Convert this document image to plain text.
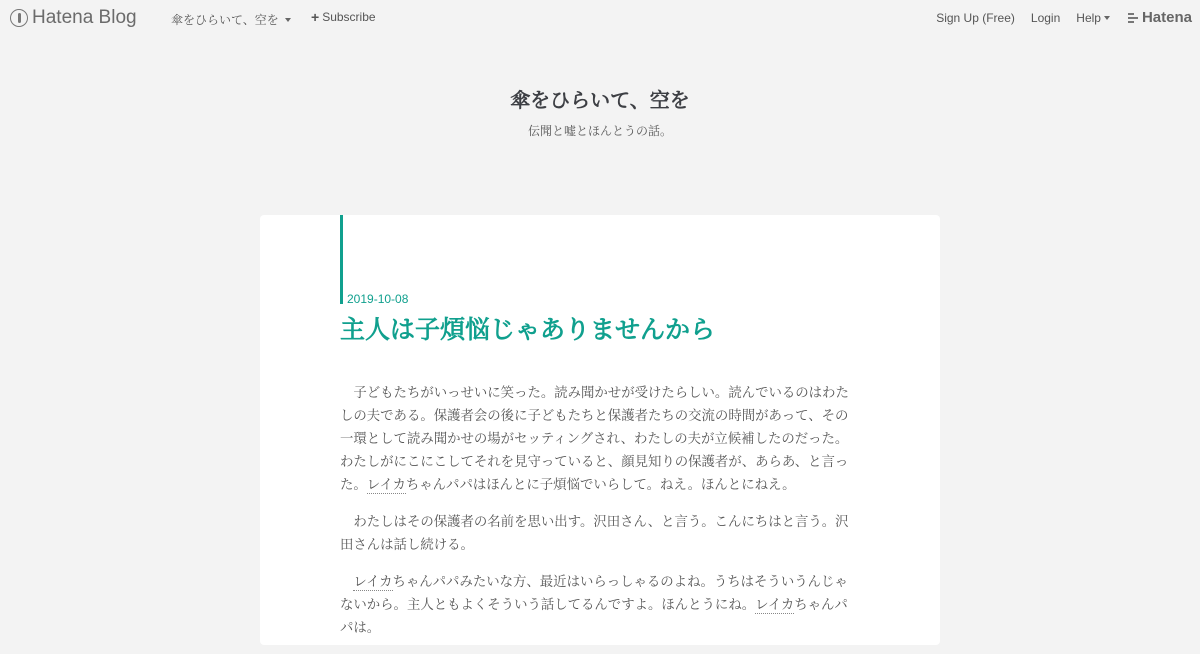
Hatena Blog	傘をひらいて、空を + Subscribe	Sign Up (Free) Login Help	Hatena
傘をひらいて、空を
伝聞と嘘とほんとうの話。
2019-10-08
主人は子煩悩じゃありませんから

子どもたちがいっせいに笑った。読み聞かせが受けたらしい。読んでいるのはわたしの夫である。保護者会の後に子どもたちと保護者たちの交流の時間があって、その一環として読み聞かせの場がセッティングされ、わたしの夫が立候補したのだった。わたしがにこにこしてそれを見守っていると、顔見知りの保護者が、あらあ、と言った。レイカちゃんパパはほんとに子煩悩でいらして。ねえ。ほんとにねえ。

わたしはその保護者の名前を思い出す。沢田さん、と言う。こんにちはと言う。沢田さんは話し続ける。

レイカちゃんパパみたいな方、最近はいらっしゃるのよね。うちはそういうんじゃないから。主人ともよくそういう話してるんですよ。ほんとうにね。レイカちゃんパパは。
